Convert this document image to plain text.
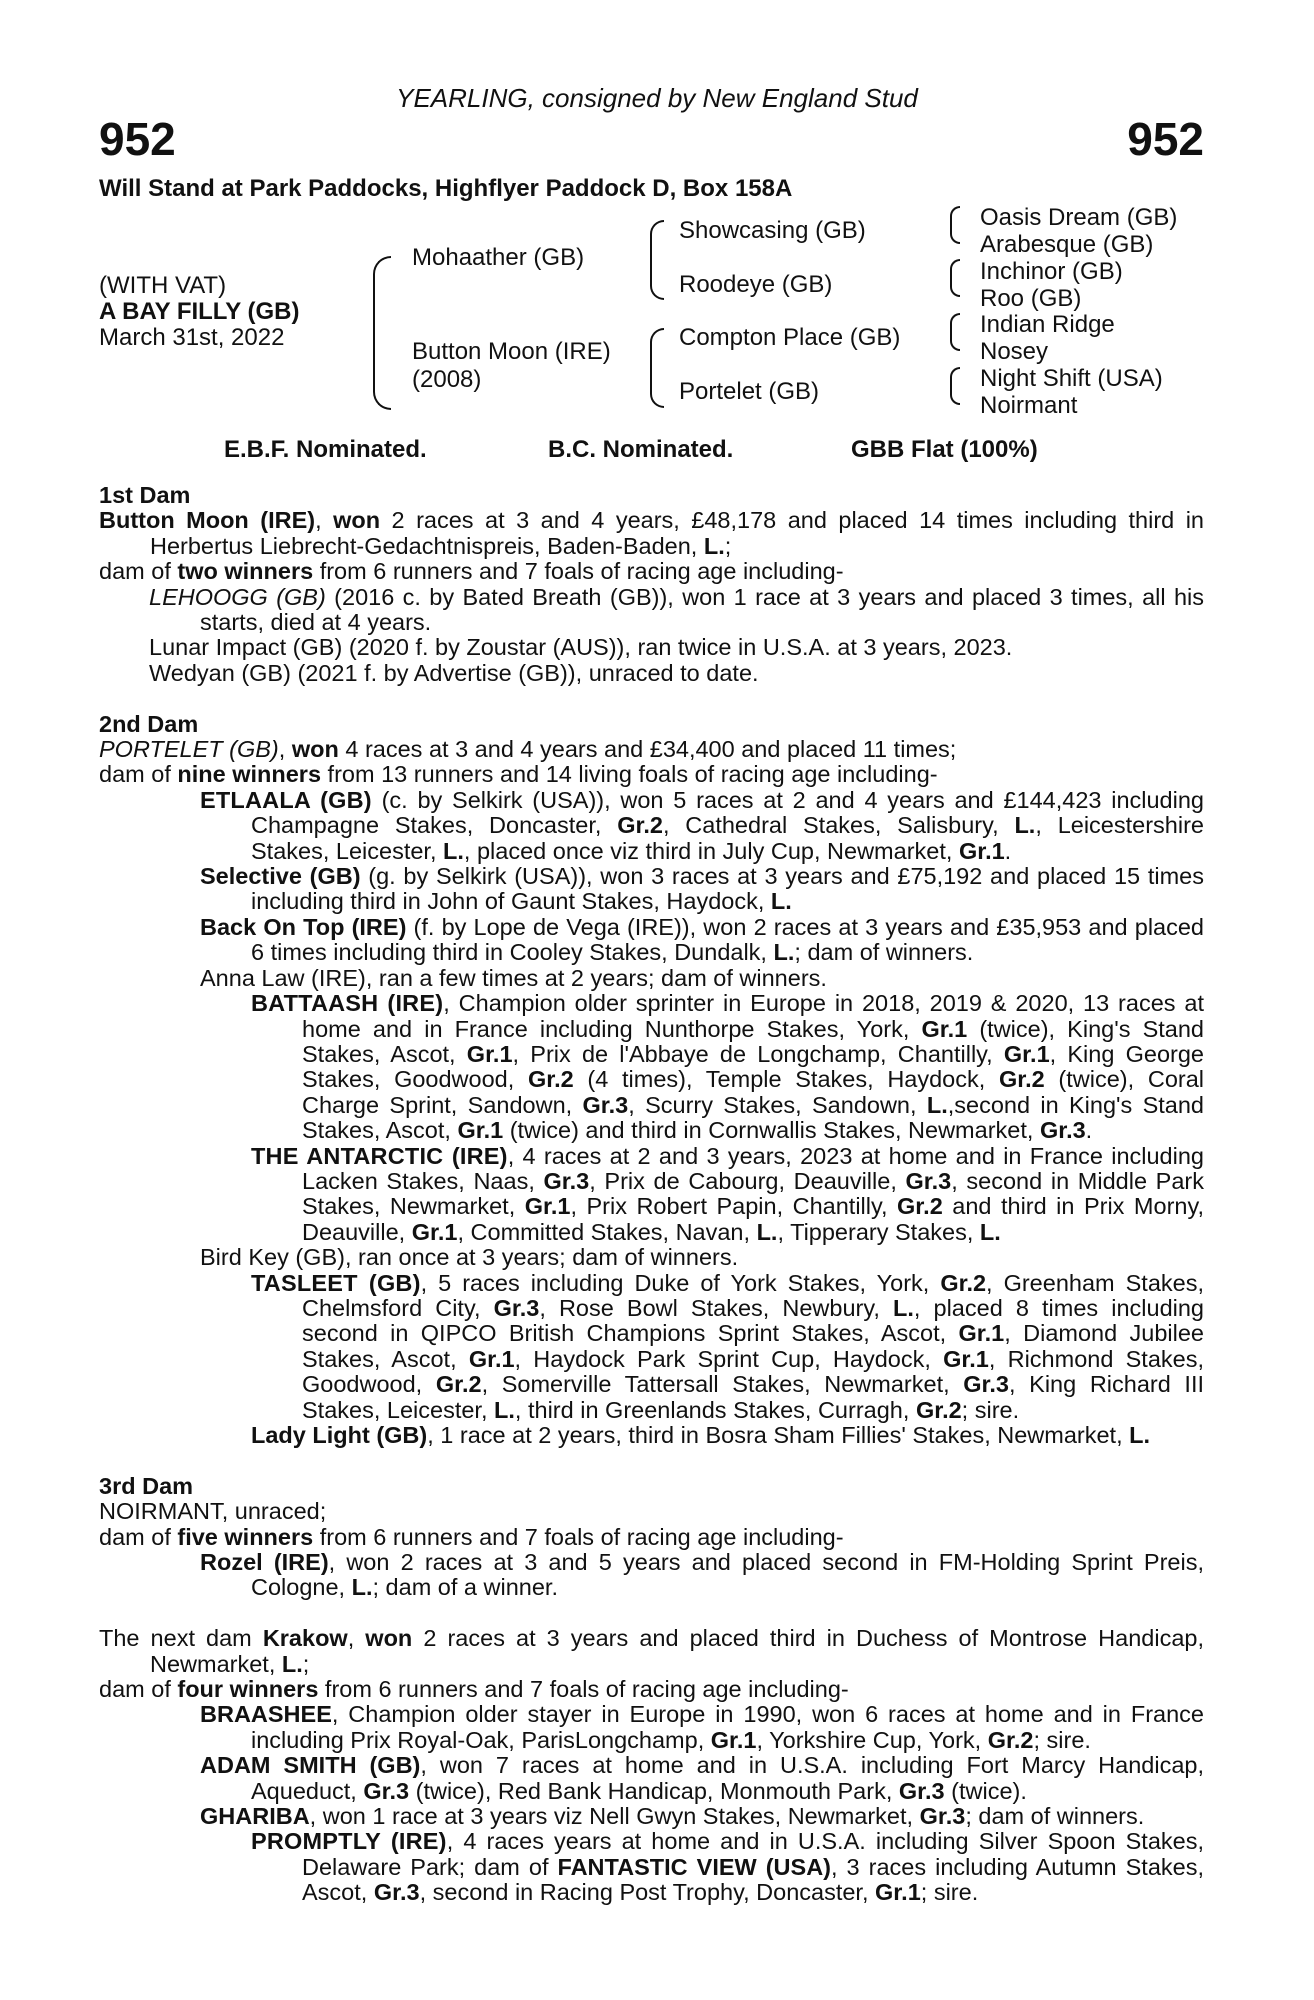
YEARLING, consigned by New England Stud
952	952
Will Stand at Park Paddocks, Highflyer Paddock D, Box 158A
(WITH VAT)
A BAY FILLY (GB)
March 31st, 2022
Mohaather (GB)
Button Moon (IRE)
(2008)
Showcasing (GB)
Roodeye (GB)
Compton Place (GB)
Portelet (GB)
Oasis Dream (GB)
Arabesque (GB)
Inchinor (GB)
Roo (GB)
Indian Ridge
Nosey
Night Shift (USA)
Noirmant
E.B.F. Nominated.	B.C. Nominated.	GBB Flat (100%)

1st Dam

Button Moon (IRE), won 2 races at 3 and 4 years, £48,178 and placed 14 times including third in Herbertus Liebrecht-Gedachtnispreis, Baden-Baden, L.;

dam of two winners from 6 runners and 7 foals of racing age including-

LEHOOGG (GB) (2016 c. by Bated Breath (GB)), won 1 race at 3 years and placed 3 times, all his starts, died at 4 years.

Lunar Impact (GB) (2020 f. by Zoustar (AUS)), ran twice in U.S.A. at 3 years, 2023.

Wedyan (GB) (2021 f. by Advertise (GB)), unraced to date.

2nd Dam

PORTELET (GB), won 4 races at 3 and 4 years and £34,400 and placed 11 times;

dam of nine winners from 13 runners and 14 living foals of racing age including-

ETLAALA (GB) (c. by Selkirk (USA)), won 5 races at 2 and 4 years and £144,423 including Champagne Stakes, Doncaster, Gr.2, Cathedral Stakes, Salisbury, L., Leicestershire Stakes, Leicester, L., placed once viz third in July Cup, Newmarket, Gr.1.

Selective (GB) (g. by Selkirk (USA)), won 3 races at 3 years and £75,192 and placed 15 times including third in John of Gaunt Stakes, Haydock, L.

Back On Top (IRE) (f. by Lope de Vega (IRE)), won 2 races at 3 years and £35,953 and placed 6 times including third in Cooley Stakes, Dundalk, L.; dam of winners.

Anna Law (IRE), ran a few times at 2 years; dam of winners.

BATTAASH (IRE), Champion older sprinter in Europe in 2018, 2019 & 2020, 13 races at home and in France including Nunthorpe Stakes, York, Gr.1 (twice), King's Stand Stakes, Ascot, Gr.1, Prix de l'Abbaye de Longchamp, Chantilly, Gr.1, King George Stakes, Goodwood, Gr.2 (4 times), Temple Stakes, Haydock, Gr.2 (twice), Coral Charge Sprint, Sandown, Gr.3, Scurry Stakes, Sandown, L.,second in King's Stand Stakes, Ascot, Gr.1 (twice) and third in Cornwallis Stakes, Newmarket, Gr.3.

THE ANTARCTIC (IRE), 4 races at 2 and 3 years, 2023 at home and in France including Lacken Stakes, Naas, Gr.3, Prix de Cabourg, Deauville, Gr.3, second in Middle Park Stakes, Newmarket, Gr.1, Prix Robert Papin, Chantilly, Gr.2 and third in Prix Morny, Deauville, Gr.1, Committed Stakes, Navan, L., Tipperary Stakes, L.

Bird Key (GB), ran once at 3 years; dam of winners.

TASLEET (GB), 5 races including Duke of York Stakes, York, Gr.2, Greenham Stakes, Chelmsford City, Gr.3, Rose Bowl Stakes, Newbury, L., placed 8 times including second in QIPCO British Champions Sprint Stakes, Ascot, Gr.1, Diamond Jubilee Stakes, Ascot, Gr.1, Haydock Park Sprint Cup, Haydock, Gr.1, Richmond Stakes, Goodwood, Gr.2, Somerville Tattersall Stakes, Newmarket, Gr.3, King Richard III Stakes, Leicester, L., third in Greenlands Stakes, Curragh, Gr.2; sire.

Lady Light (GB), 1 race at 2 years, third in Bosra Sham Fillies' Stakes, Newmarket, L.

3rd Dam

NOIRMANT, unraced;

dam of five winners from 6 runners and 7 foals of racing age including-

Rozel (IRE), won 2 races at 3 and 5 years and placed second in FM-Holding Sprint Preis, Cologne, L.; dam of a winner.

The next dam Krakow, won 2 races at 3 years and placed third in Duchess of Montrose Handicap, Newmarket, L.;

dam of four winners from 6 runners and 7 foals of racing age including-

BRAASHEE, Champion older stayer in Europe in 1990, won 6 races at home and in France including Prix Royal-Oak, ParisLongchamp, Gr.1, Yorkshire Cup, York, Gr.2; sire.

ADAM SMITH (GB), won 7 races at home and in U.S.A. including Fort Marcy Handicap, Aqueduct, Gr.3 (twice), Red Bank Handicap, Monmouth Park, Gr.3 (twice).

GHARIBA, won 1 race at 3 years viz Nell Gwyn Stakes, Newmarket, Gr.3; dam of winners.

PROMPTLY (IRE), 4 races years at home and in U.S.A. including Silver Spoon Stakes, Delaware Park; dam of FANTASTIC VIEW (USA), 3 races including Autumn Stakes, Ascot, Gr.3, second in Racing Post Trophy, Doncaster, Gr.1; sire.
